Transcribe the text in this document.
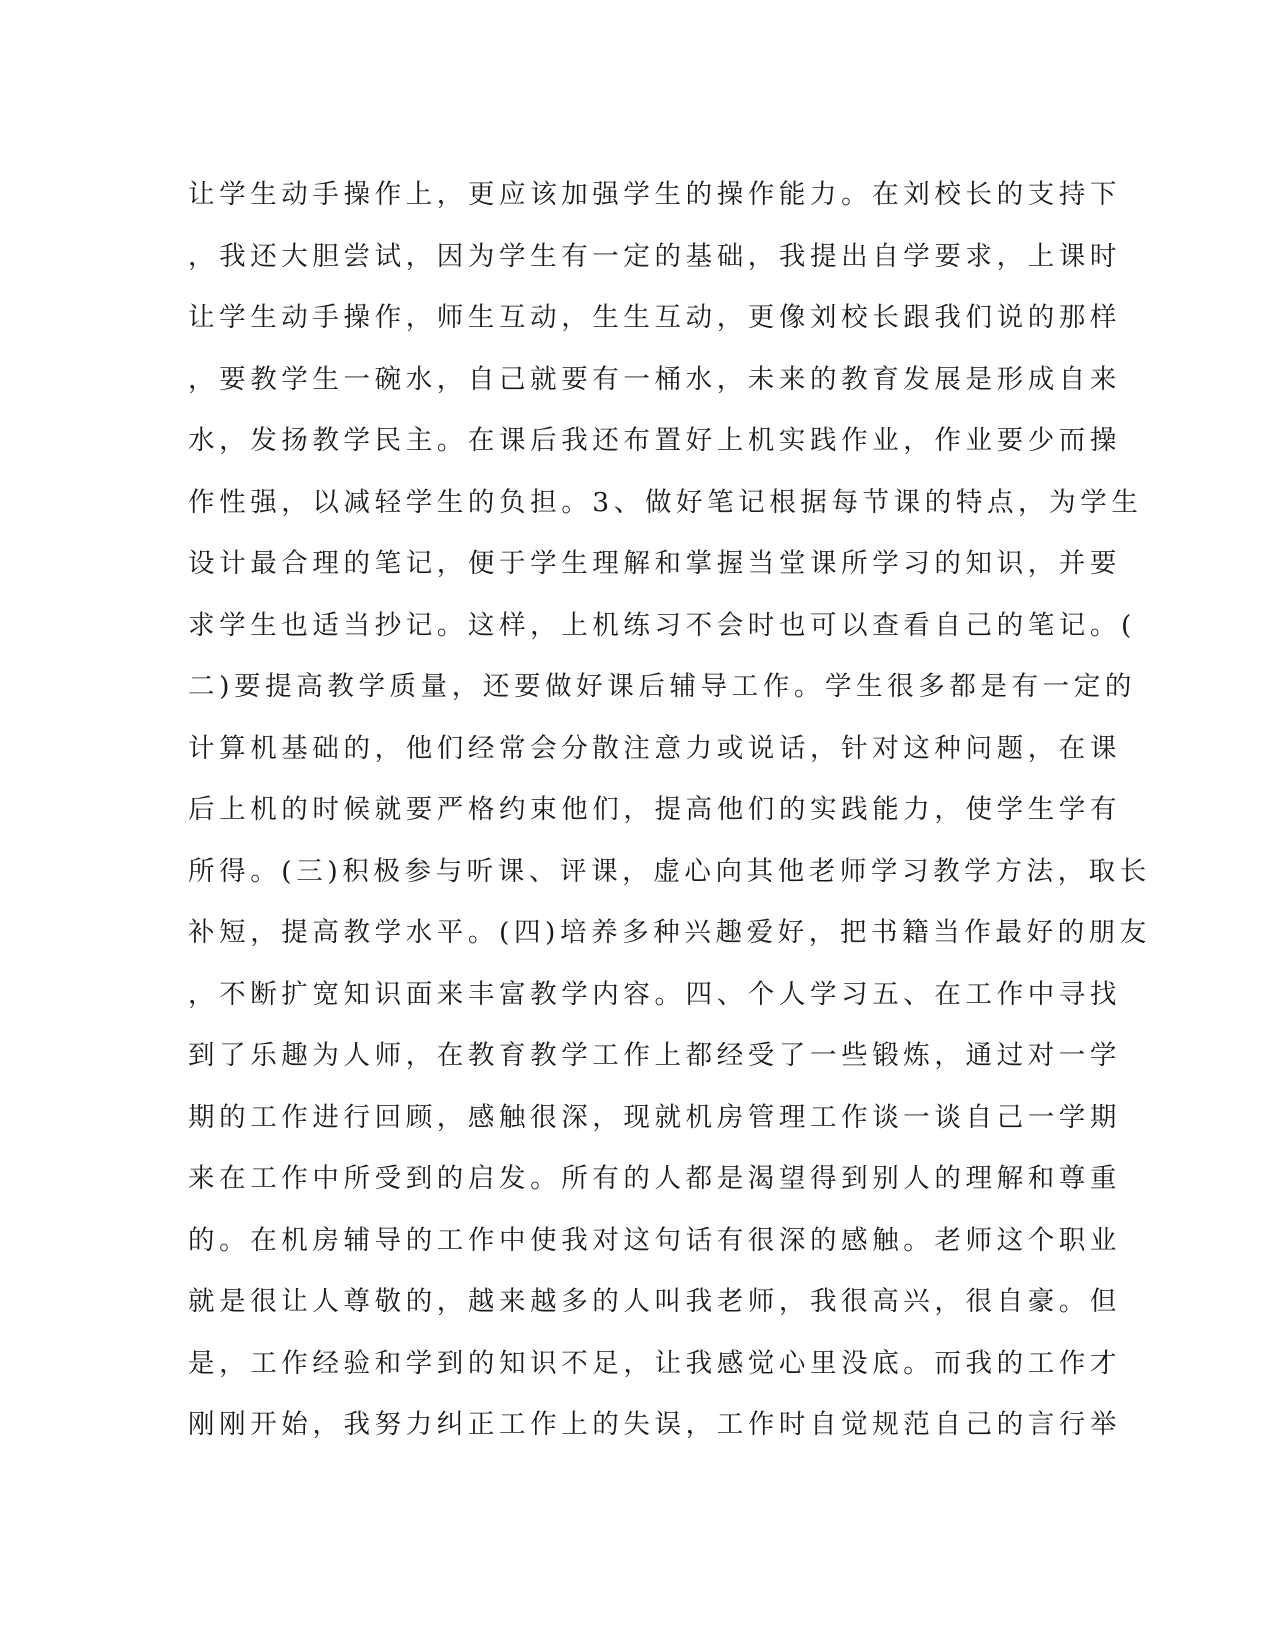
让学生动手操作上，更应该加强学生的操作能力。在刘校长的支持下
，我还大胆尝试，因为学生有一定的基础，我提出自学要求，上课时
让学生动手操作，师生互动，生生互动，更像刘校长跟我们说的那样
，要教学生一碗水，自己就要有一桶水，未来的教育发展是形成自来
水，发扬教学民主。在课后我还布置好上机实践作业，作业要少而操
作性强，以减轻学生的负担。3、做好笔记根据每节课的特点，为学生
设计最合理的笔记，便于学生理解和掌握当堂课所学习的知识，并要
求学生也适当抄记。这样，上机练习不会时也可以查看自己的笔记。(
二)要提高教学质量，还要做好课后辅导工作。学生很多都是有一定的
计算机基础的，他们经常会分散注意力或说话，针对这种问题，在课
后上机的时候就要严格约束他们，提高他们的实践能力，使学生学有
所得。(三)积极参与听课、评课，虚心向其他老师学习教学方法，取长
补短，提高教学水平。(四)培养多种兴趣爱好，把书籍当作最好的朋友
，不断扩宽知识面来丰富教学内容。四、个人学习五、在工作中寻找
到了乐趣为人师，在教育教学工作上都经受了一些锻炼，通过对一学
期的工作进行回顾，感触很深，现就机房管理工作谈一谈自己一学期
来在工作中所受到的启发。所有的人都是渴望得到别人的理解和尊重
的。在机房辅导的工作中使我对这句话有很深的感触。老师这个职业
就是很让人尊敬的，越来越多的人叫我老师，我很高兴，很自豪。但
是，工作经验和学到的知识不足，让我感觉心里没底。而我的工作才
刚刚开始，我努力纠正工作上的失误，工作时自觉规范自己的言行举
